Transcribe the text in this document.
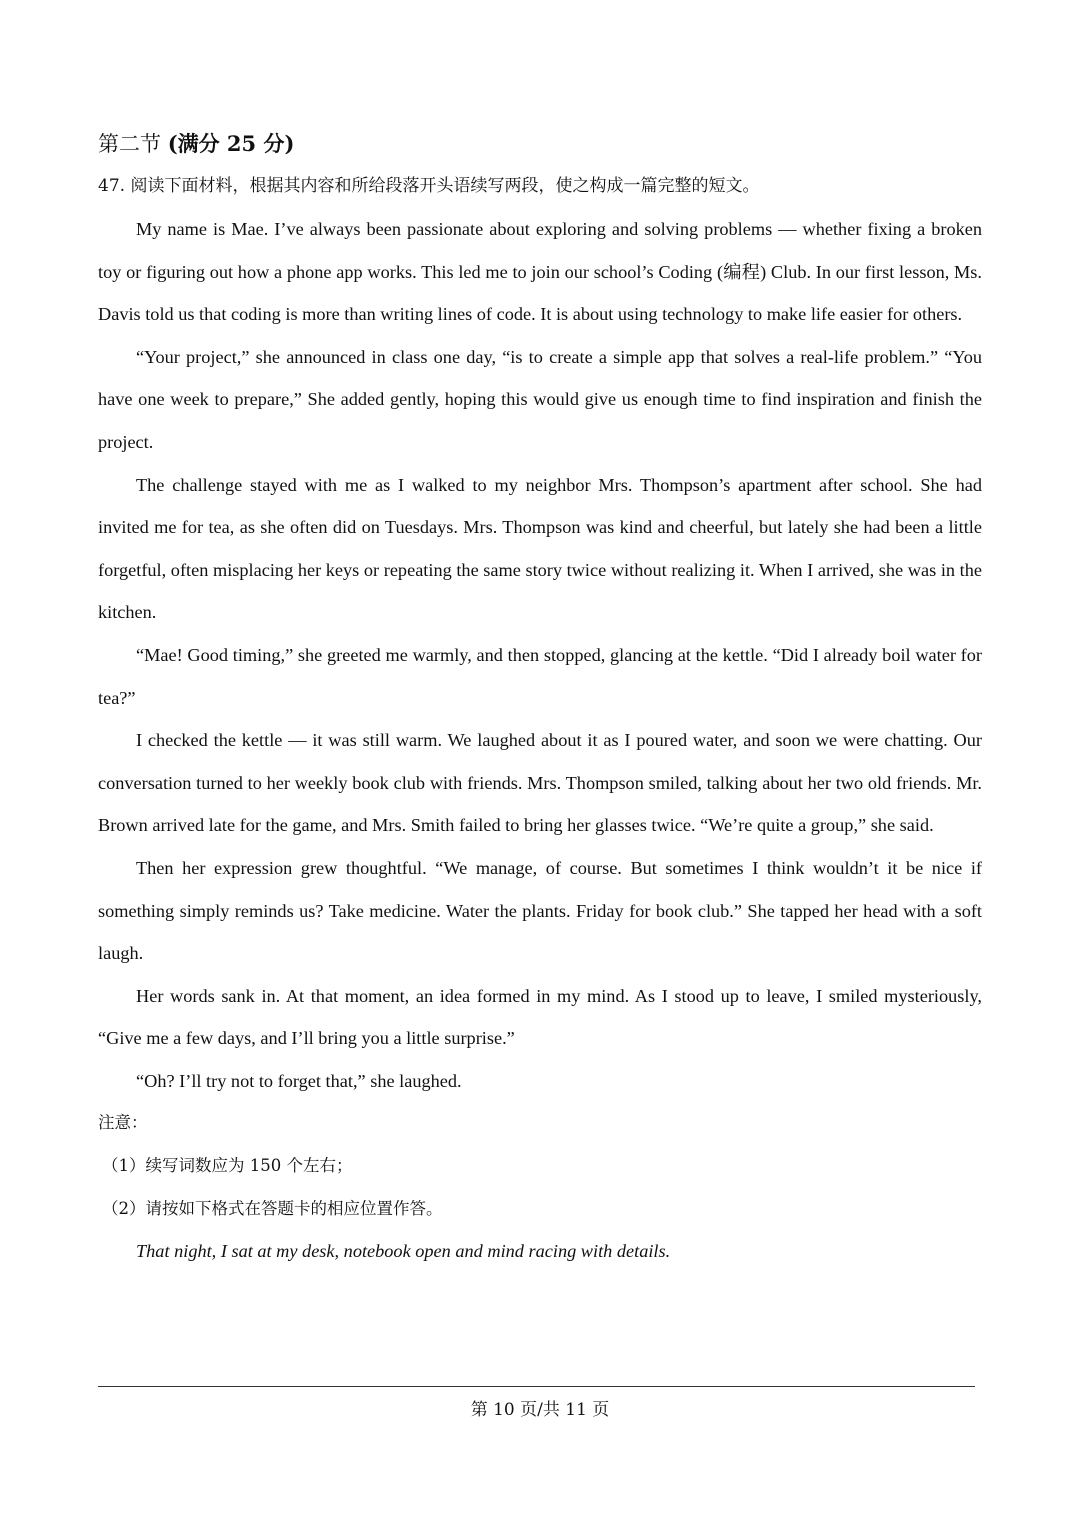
第二节 (满分 25 分)
47. 阅读下面材料，根据其内容和所给段落开头语续写两段，使之构成一篇完整的短文。

My name is Mae. I’ve always been passionate about exploring and solving problems — whether fixing a broken toy or figuring out how a phone app works. This led me to join our school’s Coding (编程) Club. In our first lesson, Ms. Davis told us that coding is more than writing lines of code. It is about using technology to make life easier for others.

“Your project,” she announced in class one day, “is to create a simple app that solves a real-life problem.” “You have one week to prepare,” She added gently, hoping this would give us enough time to find inspiration and finish the project.

The challenge stayed with me as I walked to my neighbor Mrs. Thompson’s apartment after school. She had invited me for tea, as she often did on Tuesdays. Mrs. Thompson was kind and cheerful, but lately she had been a little forgetful, often misplacing her keys or repeating the same story twice without realizing it. When I arrived, she was in the kitchen.

“Mae! Good timing,” she greeted me warmly, and then stopped, glancing at the kettle. “Did I already boil water for tea?”

I checked the kettle — it was still warm. We laughed about it as I poured water, and soon we were chatting. Our conversation turned to her weekly book club with friends. Mrs. Thompson smiled, talking about her two old friends. Mr. Brown arrived late for the game, and Mrs. Smith failed to bring her glasses twice. “We’re quite a group,” she said.

Then her expression grew thoughtful. “We manage, of course. But sometimes I think wouldn’t it be nice if something simply reminds us? Take medicine. Water the plants. Friday for book club.” She tapped her head with a soft laugh.

Her words sank in. At that moment, an idea formed in my mind. As I stood up to leave, I smiled mysteriously, “Give me a few days, and I’ll bring you a little surprise.”

“Oh? I’ll try not to forget that,” she laughed.

注意：

（1）续写词数应为 150 个左右；

（2）请按如下格式在答题卡的相应位置作答。

That night, I sat at my desk, notebook open and mind racing with details.

第 10 页/共 11 页
